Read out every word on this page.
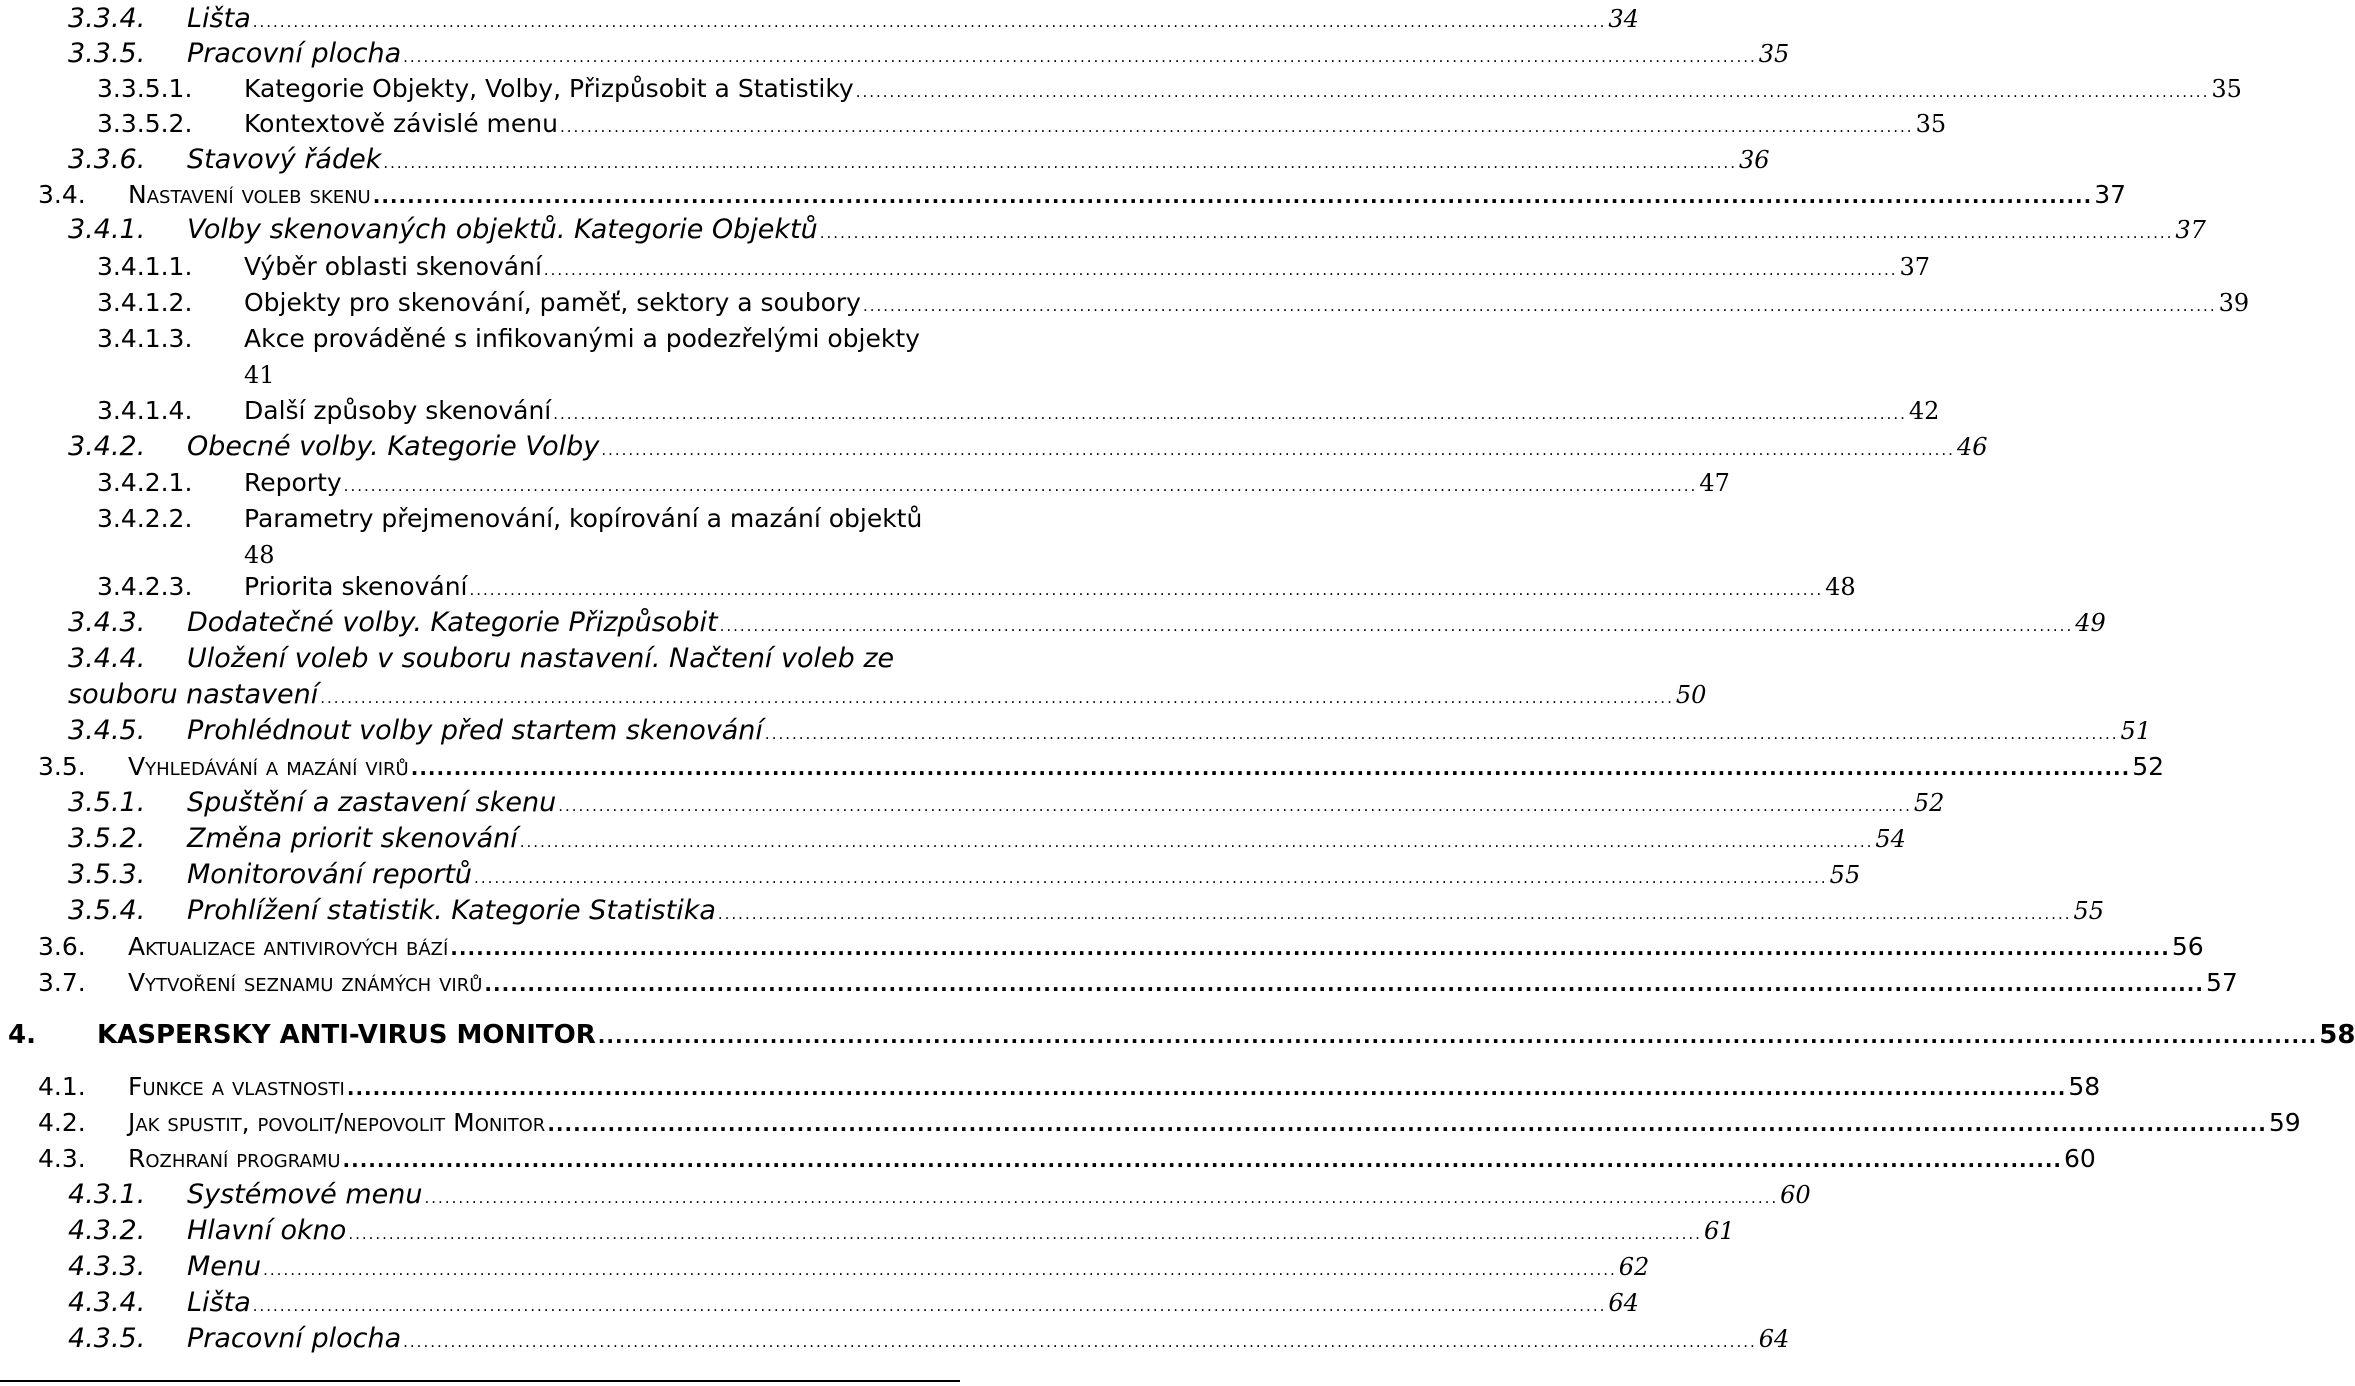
3.3.4. Lišta ........................................................................................................................................................................................................ 34
3.3.5. Pracovní plocha ........................................................................................................................................................................................................ 35
3.3.5.1. Kategorie Objekty, Volby, Přizpůsobit a Statistiky ........................................................................................................................................................................................................ 35
3.3.5.2. Kontextově závislé menu ........................................................................................................................................................................................................ 35
3.3.6. Stavový řádek ........................................................................................................................................................................................................ 36
3.4. Nastavení voleb skenu ........................................................................................................................................................................................................ 37
3.4.1. Volby skenovaných objektů. Kategorie Objektů ........................................................................................................................................................................................................ 37
3.4.1.1. Výběr oblasti skenování ........................................................................................................................................................................................................ 37
3.4.1.2. Objekty pro skenování, paměť, sektory a soubory ........................................................................................................................................................................................................ 39
3.4.1.3. Akce prováděné s infikovanými a podezřelými objekty
41
3.4.1.4. Další způsoby skenování ........................................................................................................................................................................................................ 42
3.4.2. Obecné volby. Kategorie Volby ........................................................................................................................................................................................................ 46
3.4.2.1. Reporty ........................................................................................................................................................................................................ 47
3.4.2.2. Parametry přejmenování, kopírování a mazání objektů
48
3.4.2.3. Priorita skenování ........................................................................................................................................................................................................ 48
3.4.3. Dodatečné volby. Kategorie Přizpůsobit ........................................................................................................................................................................................................ 49
3.4.4. Uložení voleb v souboru nastavení. Načtení voleb ze
souboru nastavení ........................................................................................................................................................................................................ 50
3.4.5. Prohlédnout volby před startem skenování ........................................................................................................................................................................................................ 51
3.5. Vyhledávání a mazání virů ........................................................................................................................................................................................................ 52
3.5.1. Spuštění a zastavení skenu ........................................................................................................................................................................................................ 52
3.5.2. Změna priorit skenování ........................................................................................................................................................................................................ 54
3.5.3. Monitorování reportů ........................................................................................................................................................................................................ 55
3.5.4. Prohlížení statistik. Kategorie Statistika ........................................................................................................................................................................................................ 55
3.6. Aktualizace antivirových bází ........................................................................................................................................................................................................ 56
3.7. Vytvoření seznamu známých virů ........................................................................................................................................................................................................ 57
4. KASPERSKY ANTI-VIRUS MONITOR ........................................................................................................................................................................................................ 58
4.1. Funkce a vlastnosti ........................................................................................................................................................................................................ 58
4.2. Jak spustit, povolit/nepovolit Monitor ........................................................................................................................................................................................................ 59
4.3. Rozhraní programu ........................................................................................................................................................................................................ 60
4.3.1. Systémové menu ........................................................................................................................................................................................................ 60
4.3.2. Hlavní okno ........................................................................................................................................................................................................ 61
4.3.3. Menu ........................................................................................................................................................................................................ 62
4.3.4. Lišta ........................................................................................................................................................................................................ 64
4.3.5. Pracovní plocha ........................................................................................................................................................................................................ 64
